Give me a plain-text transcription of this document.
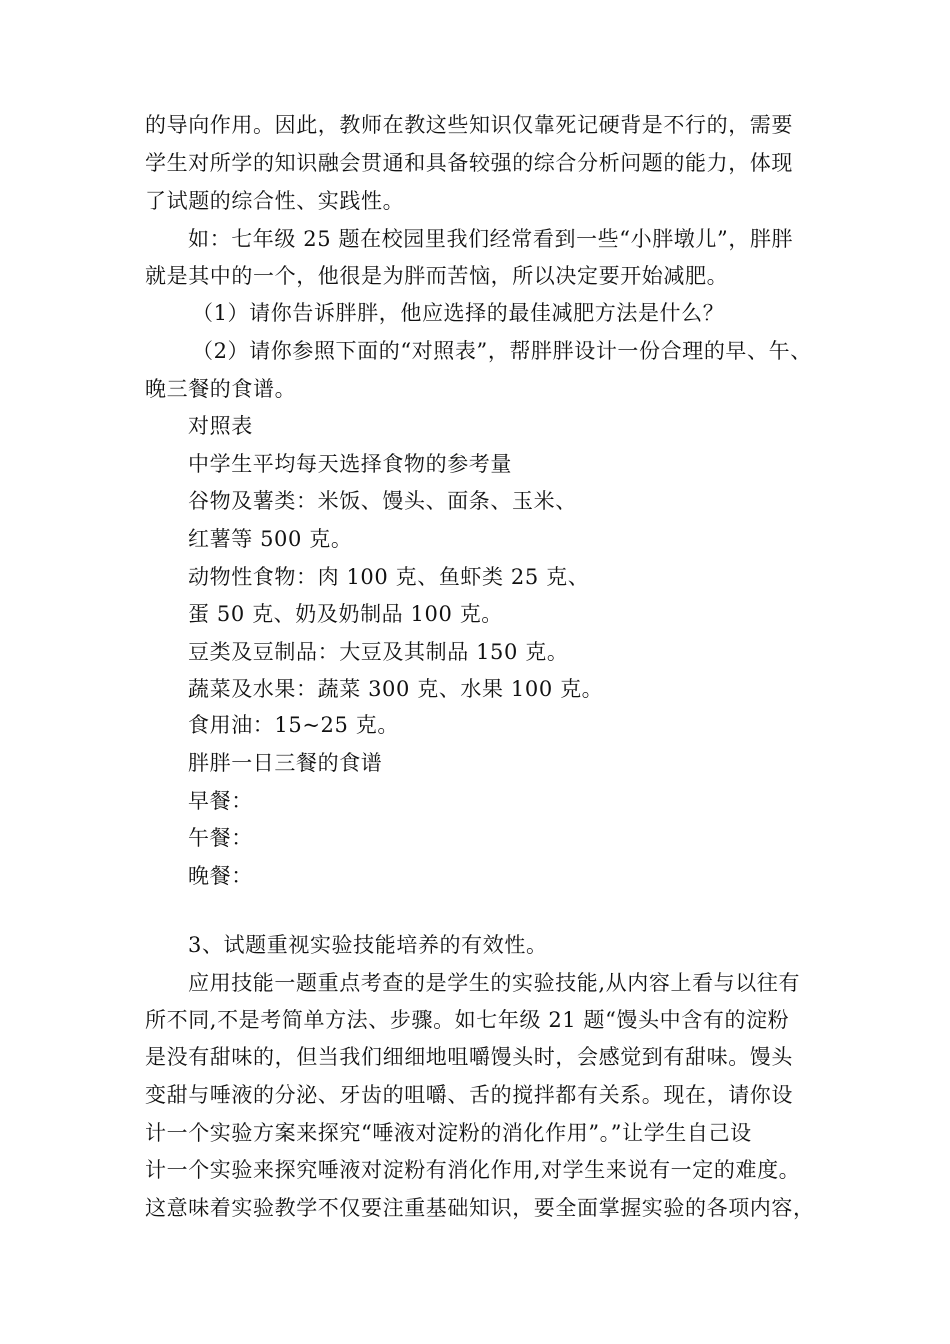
的导向作用。因此，教师在教这些知识仅靠死记硬背是不行的，需要
学生对所学的知识融会贯通和具备较强的综合分析问题的能力，体现
了试题的综合性、实践性。
如：七年级 25 题在校园里我们经常看到一些“小胖墩儿”，胖胖
就是其中的一个，他很是为胖而苦恼，所以决定要开始减肥。
（1）请你告诉胖胖，他应选择的最佳减肥方法是什么？
（2）请你参照下面的“对照表”，帮胖胖设计一份合理的早、午、
晚三餐的食谱。
对照表
中学生平均每天选择食物的参考量
谷物及薯类：米饭、馒头、面条、玉米、
红薯等 500 克。
动物性食物：肉 100 克、鱼虾类 25 克、
蛋 50 克、奶及奶制品 100 克。
豆类及豆制品：大豆及其制品 150 克。
蔬菜及水果：蔬菜 300 克、水果 100 克。
食用油：15~25 克。
胖胖一日三餐的食谱
早餐：
午餐：
晚餐：
3、试题重视实验技能培养的有效性。
应用技能一题重点考查的是学生的实验技能,从内容上看与以往有
所不同,不是考简单方法、步骤。如七年级 21 题“馒头中含有的淀粉
是没有甜味的，但当我们细细地咀嚼馒头时，会感觉到有甜味。馒头
变甜与唾液的分泌、牙齿的咀嚼、舌的搅拌都有关系。现在，请你设
计一个实验方案来探究“唾液对淀粉的消化作用”。”让学生自己设
计一个实验来探究唾液对淀粉有消化作用,对学生来说有一定的难度。
这意味着实验教学不仅要注重基础知识，要全面掌握实验的各项内容，
